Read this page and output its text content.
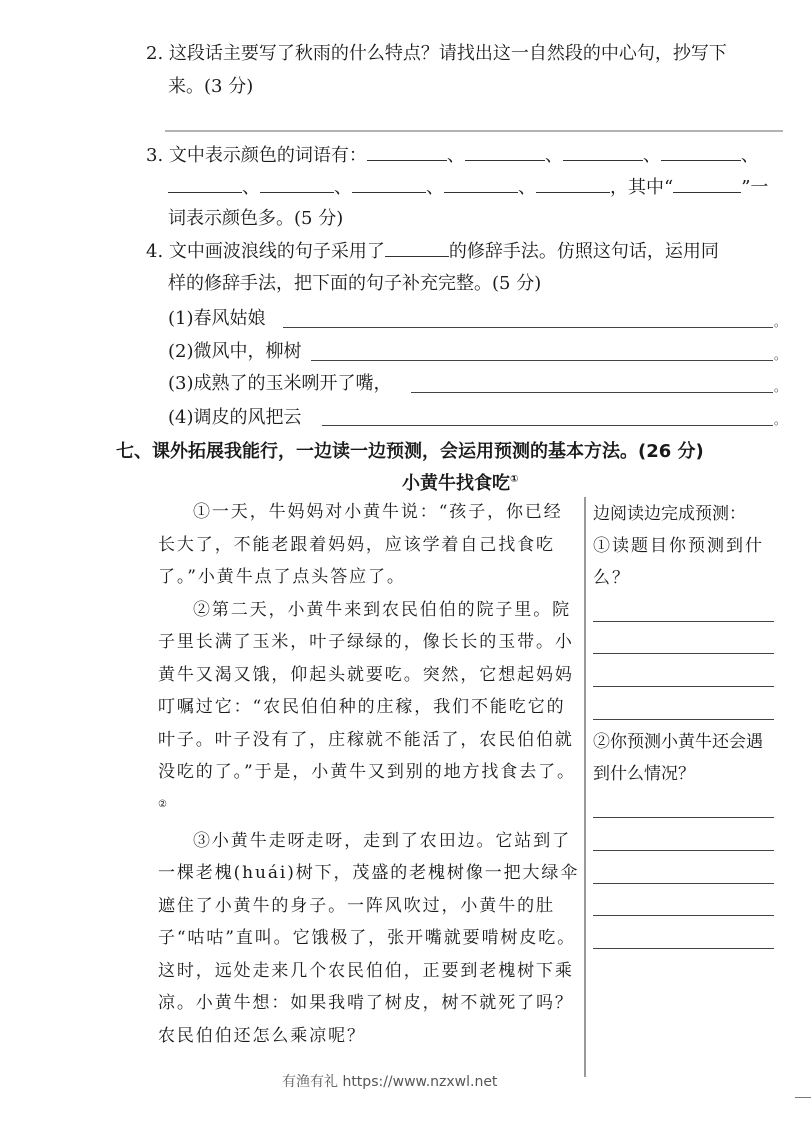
2. 这段话主要写了秋雨的什么特点？请找出这一自然段的中心句，抄写下
来。(3 分)
3. 文中表示颜色的词语有：	、	、	、	、
、	、	、	、	，其中“	”一
词表示颜色多。(5 分)
4. 文中画波浪线的句子采用了	的修辞手法。仿照这句话，运用同
样的修辞手法，把下面的句子补充完整。(5 分)
(1)春风姑娘	。
(2)微风中，柳树	。
(3)成熟了的玉米咧开了嘴，	。
(4)调皮的风把云	。
七、课外拓展我能行，一边读一边预测，会运用预测的基本方法。(26 分)
小黄牛找食吃①

①一天，牛妈妈对小黄牛说：“孩子，你已经长大了，不能老跟着妈妈，应该学着自己找食吃了。”小黄牛点了点头答应了。

②第二天，小黄牛来到农民伯伯的院子里。院子里长满了玉米，叶子绿绿的，像长长的玉带。小黄牛又渴又饿，仰起头就要吃。突然，它想起妈妈叮嘱过它：“农民伯伯种的庄稼，我们不能吃它的叶子。叶子没有了，庄稼就不能活了，农民伯伯就没吃的了。”于是，小黄牛又到别的地方找食去了。②

③小黄牛走呀走呀，走到了农田边。它站到了一棵老槐(huái)树下，茂盛的老槐树像一把大绿伞遮住了小黄牛的身子。一阵风吹过，小黄牛的肚子“咕咕”直叫。它饿极了，张开嘴就要啃树皮吃。这时，远处走来几个农民伯伯，正要到老槐树下乘凉。小黄牛想：如果我啃了树皮，树不就死了吗？农民伯伯还怎么乘凉呢？

边阅读边完成预测：
①读题目你预测到什么？
②你预测小黄牛还会遇到什么情况？
有渔有礼 https://www.nzxwl.net
